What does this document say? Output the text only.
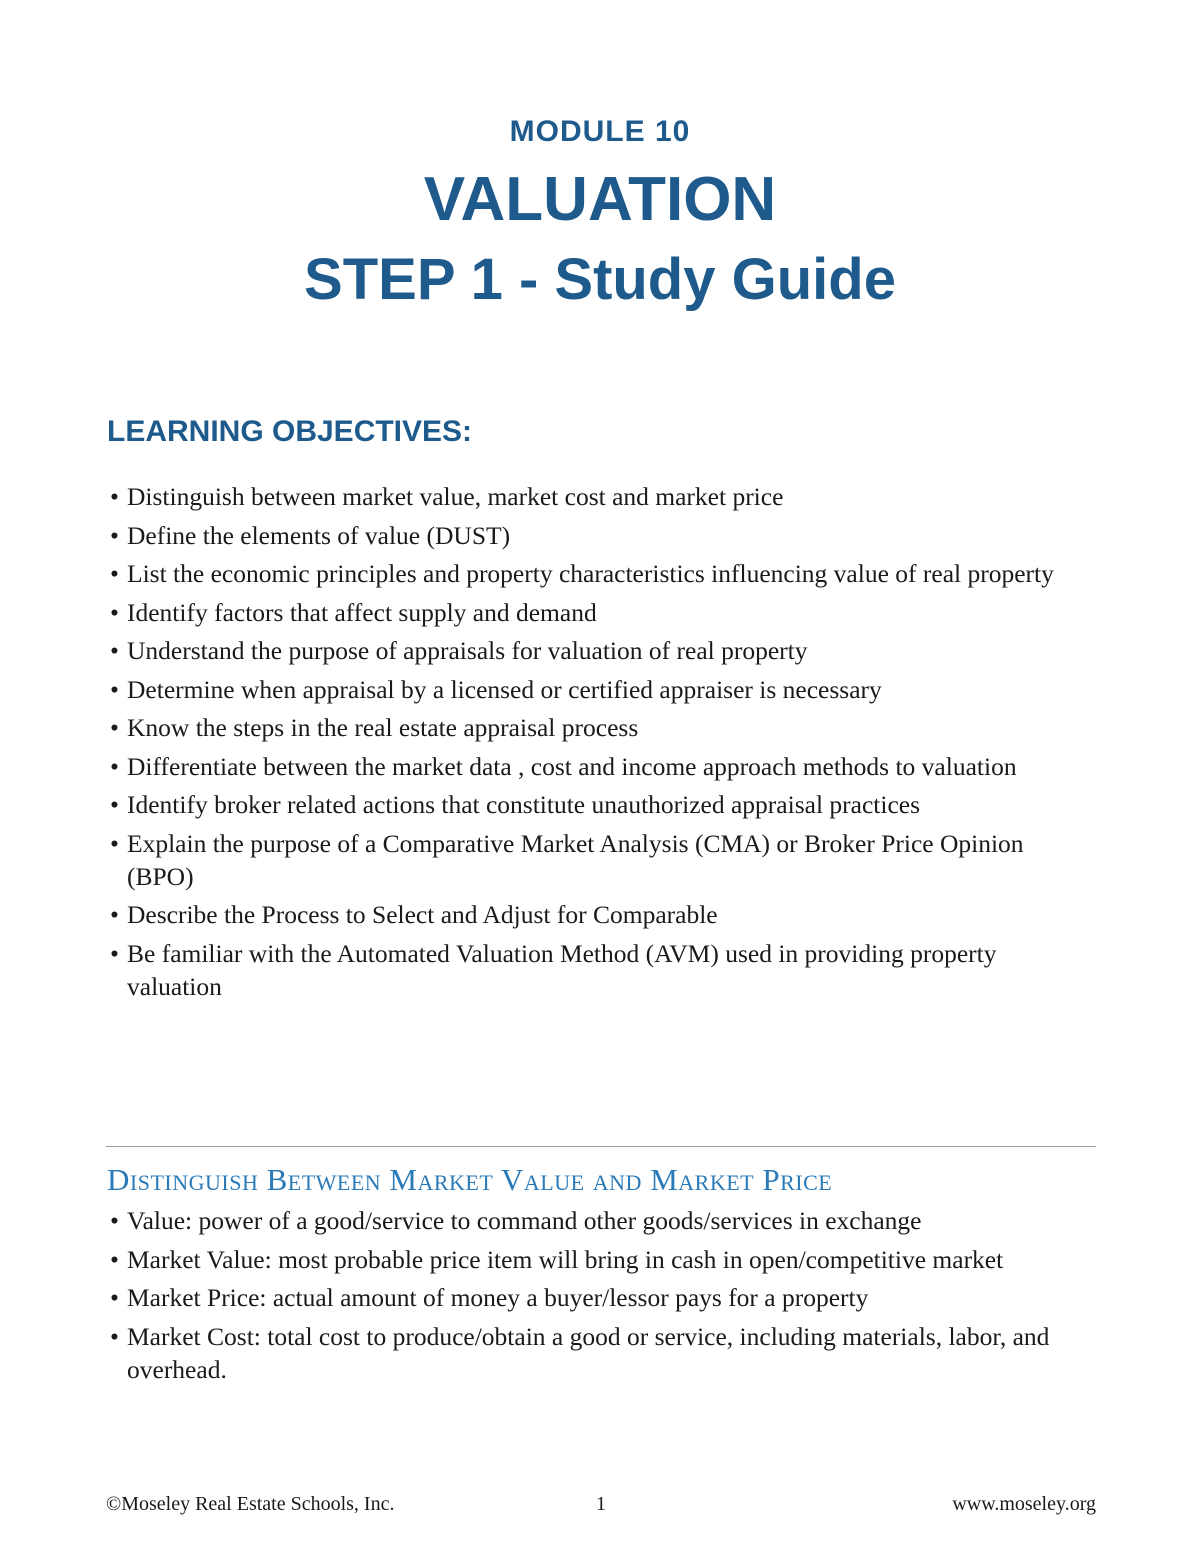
MODULE 10
VALUATION
STEP 1 - Study Guide
LEARNING OBJECTIVES:
• Distinguish between market value, market cost and market price
• Define the elements of value (DUST)
• List the economic principles and property characteristics influencing value of real property
• Identify factors that affect supply and demand
• Understand the purpose of appraisals for valuation of real property
• Determine when appraisal by a licensed or certified appraiser is necessary
• Know the steps in the real estate appraisal process
• Differentiate between the market data , cost and income approach methods to valuation
• Identify broker related actions that constitute unauthorized appraisal practices
• Explain the purpose of a Comparative Market Analysis (CMA) or Broker Price Opinion (BPO)
• Describe the Process to Select and Adjust for Comparable
• Be familiar with the Automated Valuation Method (AVM) used in providing property valuation
Distinguish Between Market Value and Market Price
• Value: power of a good/service to command other goods/services in exchange
• Market Value: most probable price item will bring in cash in open/competitive market
• Market Price: actual amount of money a buyer/lessor pays for a property
• Market Cost: total cost to produce/obtain a good or service, including materials, labor, and overhead.
©Moseley Real Estate Schools, Inc.	1	www.moseley.org
